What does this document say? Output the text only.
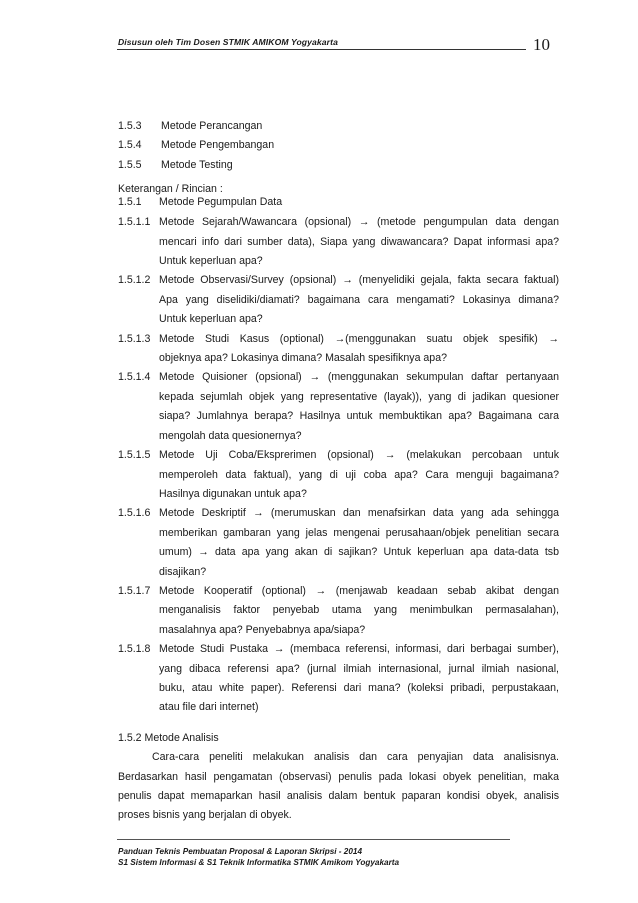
Disusun oleh Tim Dosen STMIK AMIKOM Yogyakarta	10
1.5.3	Metode Perancangan
1.5.4	Metode Pengembangan
1.5.5	Metode Testing
Keterangan / Rincian :
1.5.1	Metode Pegumpulan Data
1.5.1.1 Metode Sejarah/Wawancara (opsional) → (metode pengumpulan data dengan
mencari info dari sumber data), Siapa yang diwawancara? Dapat informasi apa?
Untuk keperluan apa?
1.5.1.2 Metode Observasi/Survey (opsional) → (menyelidiki gejala, fakta secara faktual)
Apa yang diselidiki/diamati? bagaimana cara mengamati? Lokasinya dimana?
Untuk keperluan apa?
1.5.1.3 Metode Studi Kasus (optional) →(menggunakan suatu objek spesifik) →
objeknya apa? Lokasinya dimana? Masalah spesifiknya apa?
1.5.1.4 Metode Quisioner (opsional) → (menggunakan sekumpulan daftar pertanyaan
kepada sejumlah objek yang representative (layak)), yang di jadikan quesioner
siapa? Jumlahnya berapa? Hasilnya untuk membuktikan apa? Bagaimana cara
mengolah data quesionernya?
1.5.1.5 Metode Uji Coba/Eksprerimen (opsional) → (melakukan percobaan untuk
memperoleh data faktual), yang di uji coba apa? Cara menguji bagaimana?
Hasilnya digunakan untuk apa?
1.5.1.6 Metode Deskriptif → (merumuskan dan menafsirkan data yang ada sehingga
memberikan gambaran yang jelas mengenai perusahaan/objek penelitian secara
umum) → data apa yang akan di sajikan? Untuk keperluan apa data-data tsb
disajikan?
1.5.1.7 Metode Kooperatif (optional) → (menjawab keadaan sebab akibat dengan
menganalisis faktor penyebab utama yang menimbulkan permasalahan),
masalahnya apa? Penyebabnya apa/siapa?
1.5.1.8 Metode Studi Pustaka → (membaca referensi, informasi, dari berbagai sumber),
yang dibaca referensi apa? (jurnal ilmiah internasional, jurnal ilmiah nasional,
buku, atau white paper). Referensi dari mana? (koleksi pribadi, perpustakaan,
atau file dari internet)
1.5.2 Metode Analisis
Cara-cara peneliti melakukan analisis dan cara penyajian data analisisnya.
Berdasarkan hasil pengamatan (observasi) penulis pada lokasi obyek penelitian, maka
penulis dapat memaparkan hasil analisis dalam bentuk paparan kondisi obyek, analisis
proses bisnis yang berjalan di obyek.
Panduan Teknis Pembuatan Proposal & Laporan Skripsi - 2014
S1 Sistem Informasi & S1 Teknik Informatika STMIK Amikom Yogyakarta
